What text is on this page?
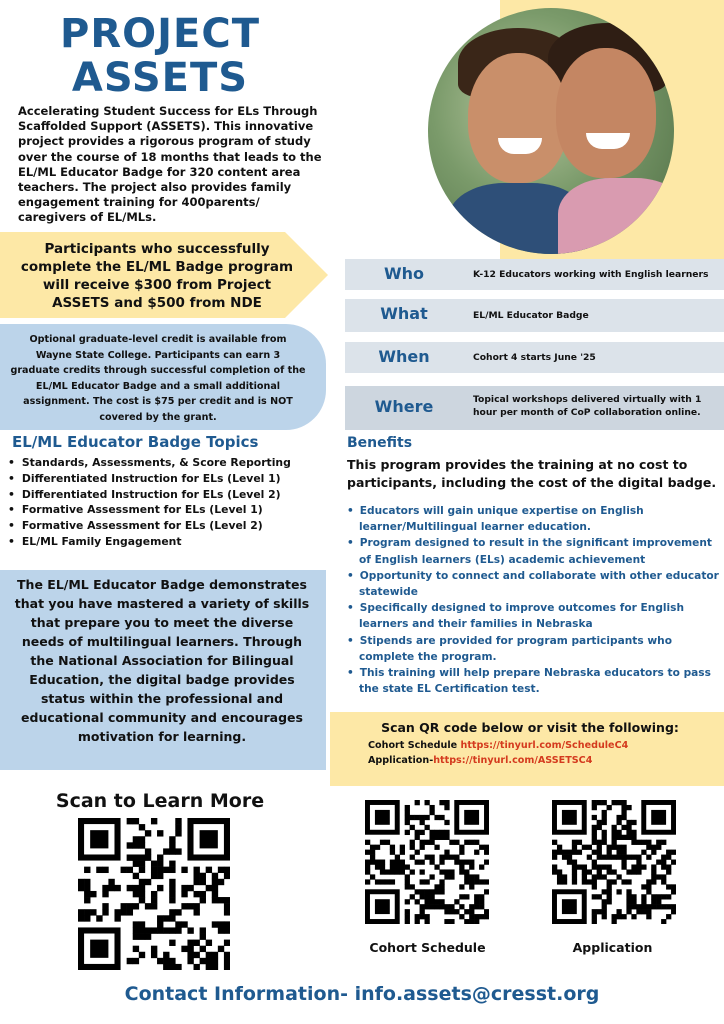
PROJECT
ASSETS
Accelerating Student Success for ELs Through Scaffolded Support (ASSETS). This innovative project provides a rigorous program of study over the course of 18 months that leads to the EL/ML Educator Badge for 320 content area teachers. The project also provides family engagement training for 400parents/ caregivers of EL/MLs.
Participants who successfully complete the EL/ML Badge program will receive $300 from Project ASSETS and $500 from NDE
Optional graduate-level credit is available from Wayne State College. Participants can earn 3 graduate credits through successful completion of the EL/ML Educator Badge and a small additional assignment. The cost is $75 per credit and is NOT covered by the grant.
EL/ML Educator Badge Topics
• Standards, Assessments, & Score Reporting
• Differentiated Instruction for ELs (Level 1)
• Differentiated Instruction for ELs (Level 2)
• Formative Assessment for ELs (Level 1)
• Formative Assessment for ELs (Level 2)
• EL/ML Family Engagement
The EL/ML Educator Badge demonstrates that you have mastered a variety of skills that prepare you to meet the diverse needs of multilingual learners. Through the National Association for Bilingual Education, the digital badge provides status within the professional and educational community and encourages motivation for learning.
Who	K-12 Educators working with English learners
What	EL/ML Educator Badge
When	Cohort 4 starts June '25
Where	Topical workshops delivered virtually with 1 hour per month of CoP collaboration online.
Benefits
This program provides the training at no cost to participants, including the cost of the digital badge.
• Educators will gain unique expertise on English learner/Multilingual learner education.
• Program designed to result in the significant improvement of English learners (ELs) academic achievement
• Opportunity to connect and collaborate with other educator statewide
• Specifically designed to improve outcomes for English learners and their families in Nebraska
• Stipends are provided for program participants who complete the program.
• This training will help prepare Nebraska educators to pass the state EL Certification test.
Scan QR code below or visit the following:
Cohort Schedule https://tinyurl.com/ScheduleC4
Application-https://tinyurl.com/ASSETSC4
Scan to Learn More
Cohort Schedule	Application
Contact Information- info.assets@cresst.org
